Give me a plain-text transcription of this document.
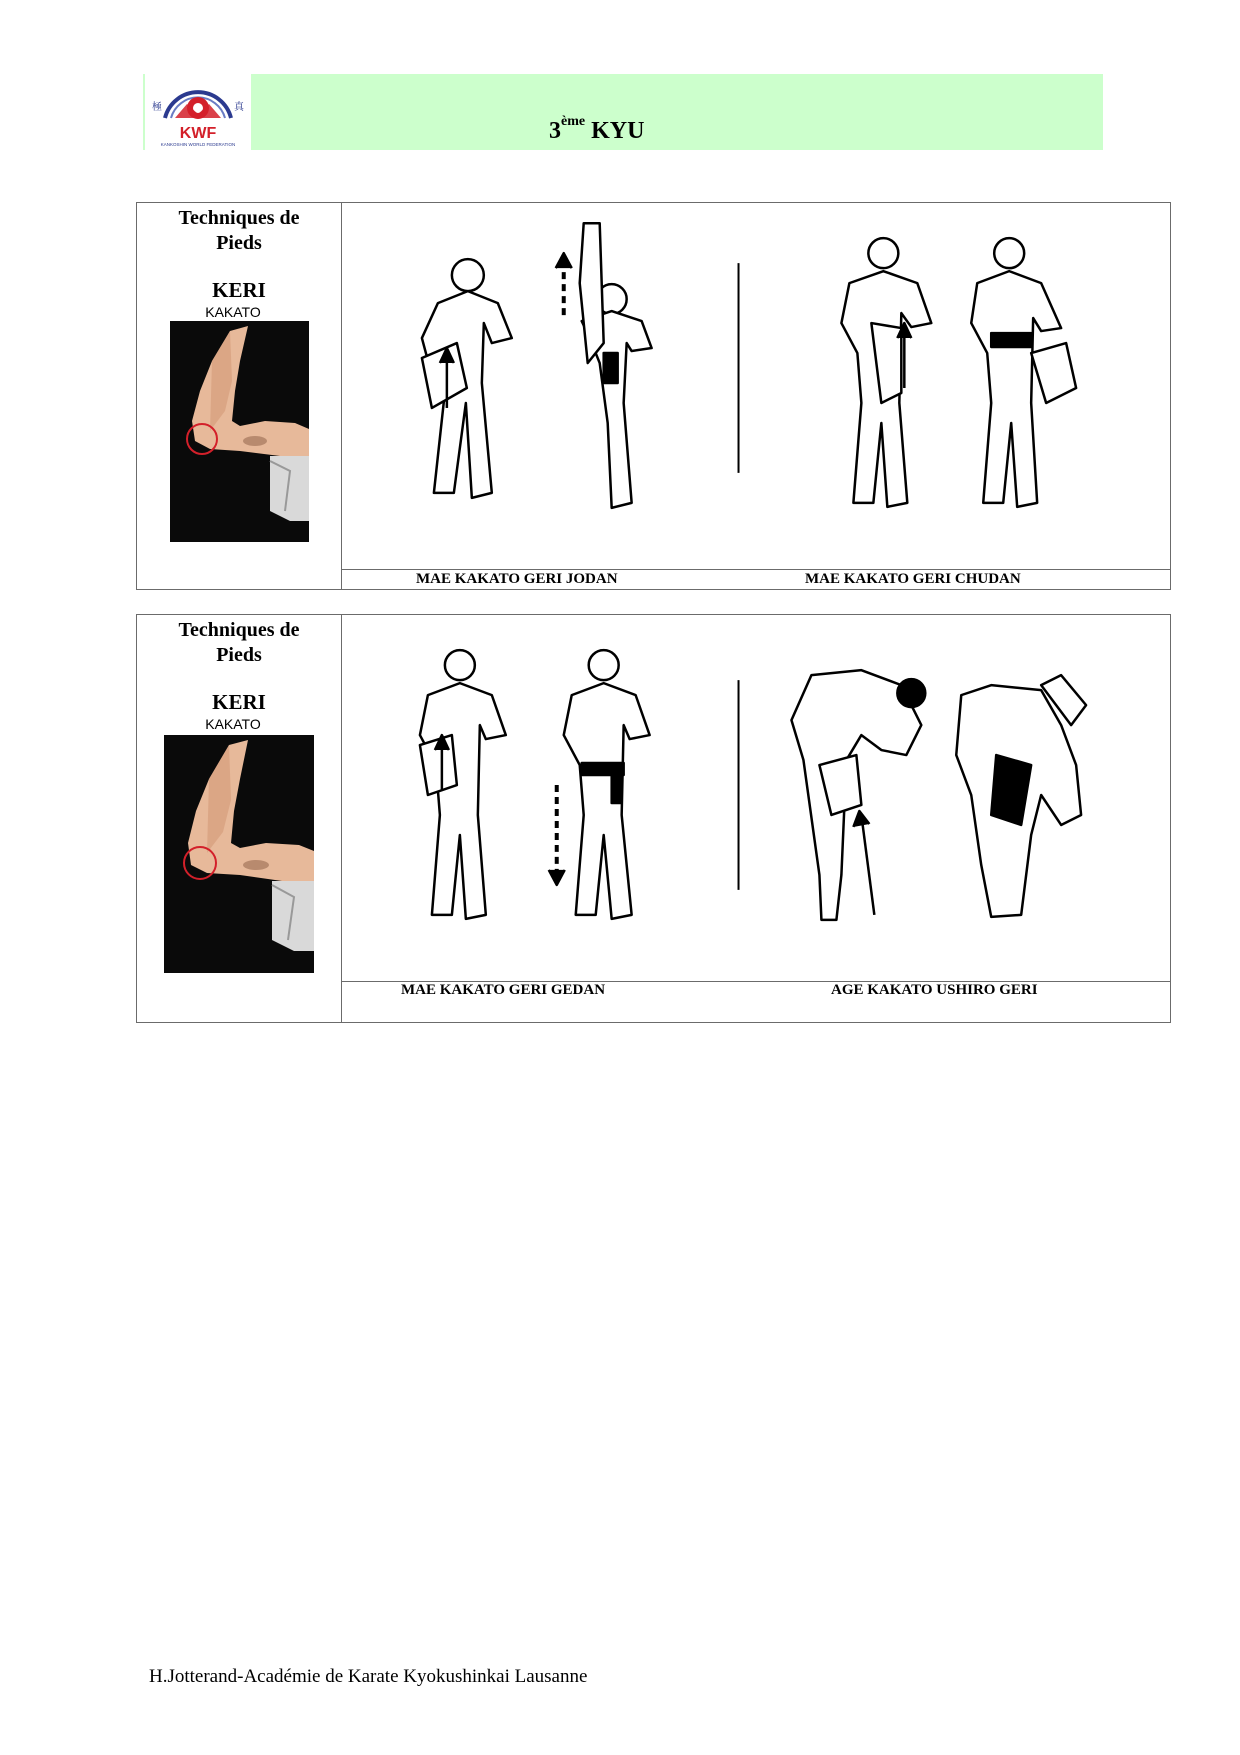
極	真
KWF
KANKOSHIN WORLD FEDERATION
3ème KYU
Techniques de Pieds
KERI
KAKATO
MAE KAKATO GERI JODAN	MAE KAKATO GERI CHUDAN
Techniques de Pieds
KERI
KAKATO
MAE KAKATO GERI GEDAN	AGE KAKATO USHIRO GERI
H.Jotterand-Académie de Karate Kyokushinkai Lausanne
